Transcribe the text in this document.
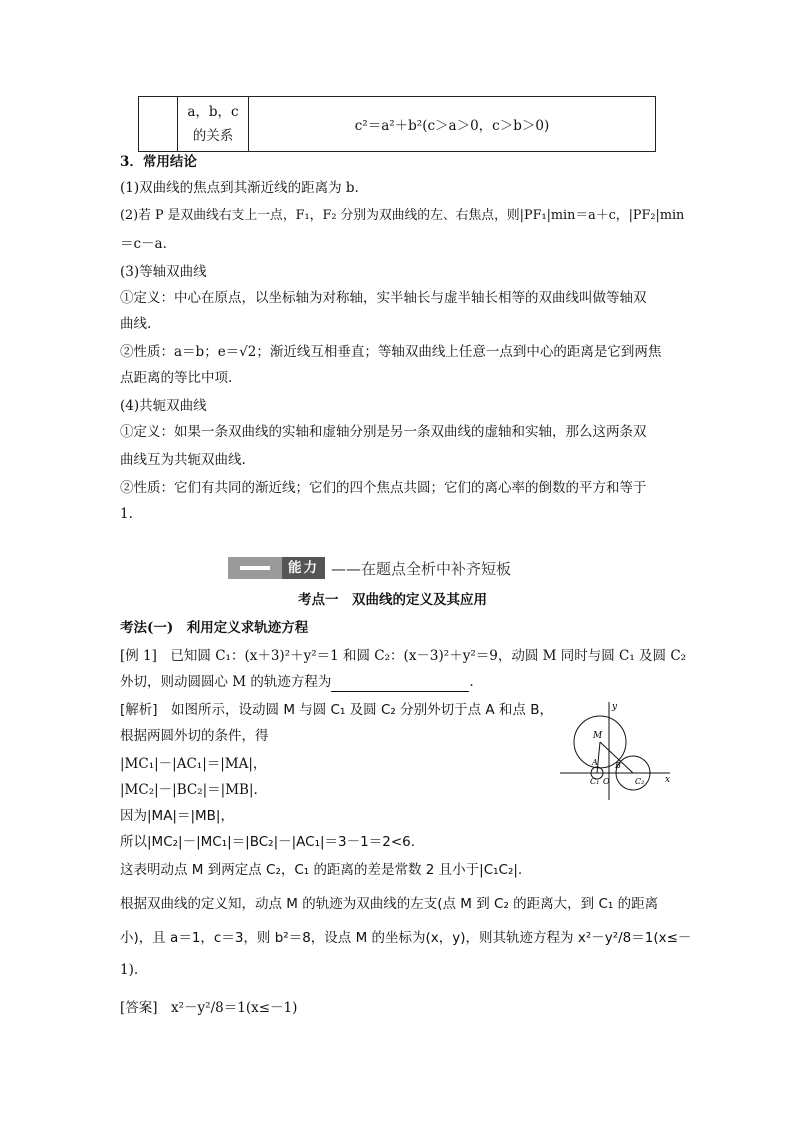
a，b，c
的关系
c²＝a²＋b²(c＞a＞0，c＞b＞0)
3．常用结论
(1)双曲线的焦点到其渐近线的距离为 b.
(2)若 P 是双曲线右支上一点，F₁，F₂ 分别为双曲线的左、右焦点，则|PF₁|min＝a＋c，|PF₂|min
＝c－a.
(3)等轴双曲线
①定义：中心在原点，以坐标轴为对称轴，实半轴长与虚半轴长相等的双曲线叫做等轴双
曲线.
②性质：a＝b；e＝√2；渐近线互相垂直；等轴双曲线上任意一点到中心的距离是它到两焦
点距离的等比中项.
(4)共轭双曲线
①定义：如果一条双曲线的实轴和虚轴分别是另一条双曲线的虚轴和实轴，那么这两条双
曲线互为共轭双曲线.
②性质：它们有共同的渐近线；它们的四个焦点共圆；它们的离心率的倒数的平方和等于
1.
能力 ——在题点全析中补齐短板
考点一　双曲线的定义及其应用
考法(一)　利用定义求轨迹方程
[例 1]　已知圆 C₁：(x＋3)²＋y²＝1 和圆 C₂：(x－3)²＋y²＝9，动圆 M 同时与圆 C₁ 及圆 C₂
外切，则动圆圆心 M 的轨迹方程为	.
[解析]　如图所示，设动圆 M 与圆 C₁ 及圆 C₂ 分别外切于点 A 和点 B，
根据两圆外切的条件，得
|MC₁|－|AC₁|＝|MA|，
|MC₂|－|BC₂|＝|MB|.
因为|MA|＝|MB|，
所以|MC₂|－|MC₁|＝|BC₂|－|AC₁|＝3－1＝2<6.
这表明动点 M 到两定点 C₂，C₁ 的距离的差是常数 2 且小于|C₁C₂|.
根据双曲线的定义知，动点 M 的轨迹为双曲线的左支(点 M 到 C₂ 的距离大，到 C₁ 的距离
小)，且 a＝1，c＝3，则 b²＝8，设点 M 的坐标为(x，y)，则其轨迹方程为 x²－y²/8＝1(x≤－
1).
[答案]　x²－y²/8＝1(x≤－1)
y
x
M
A B
C₁	C₂
O
